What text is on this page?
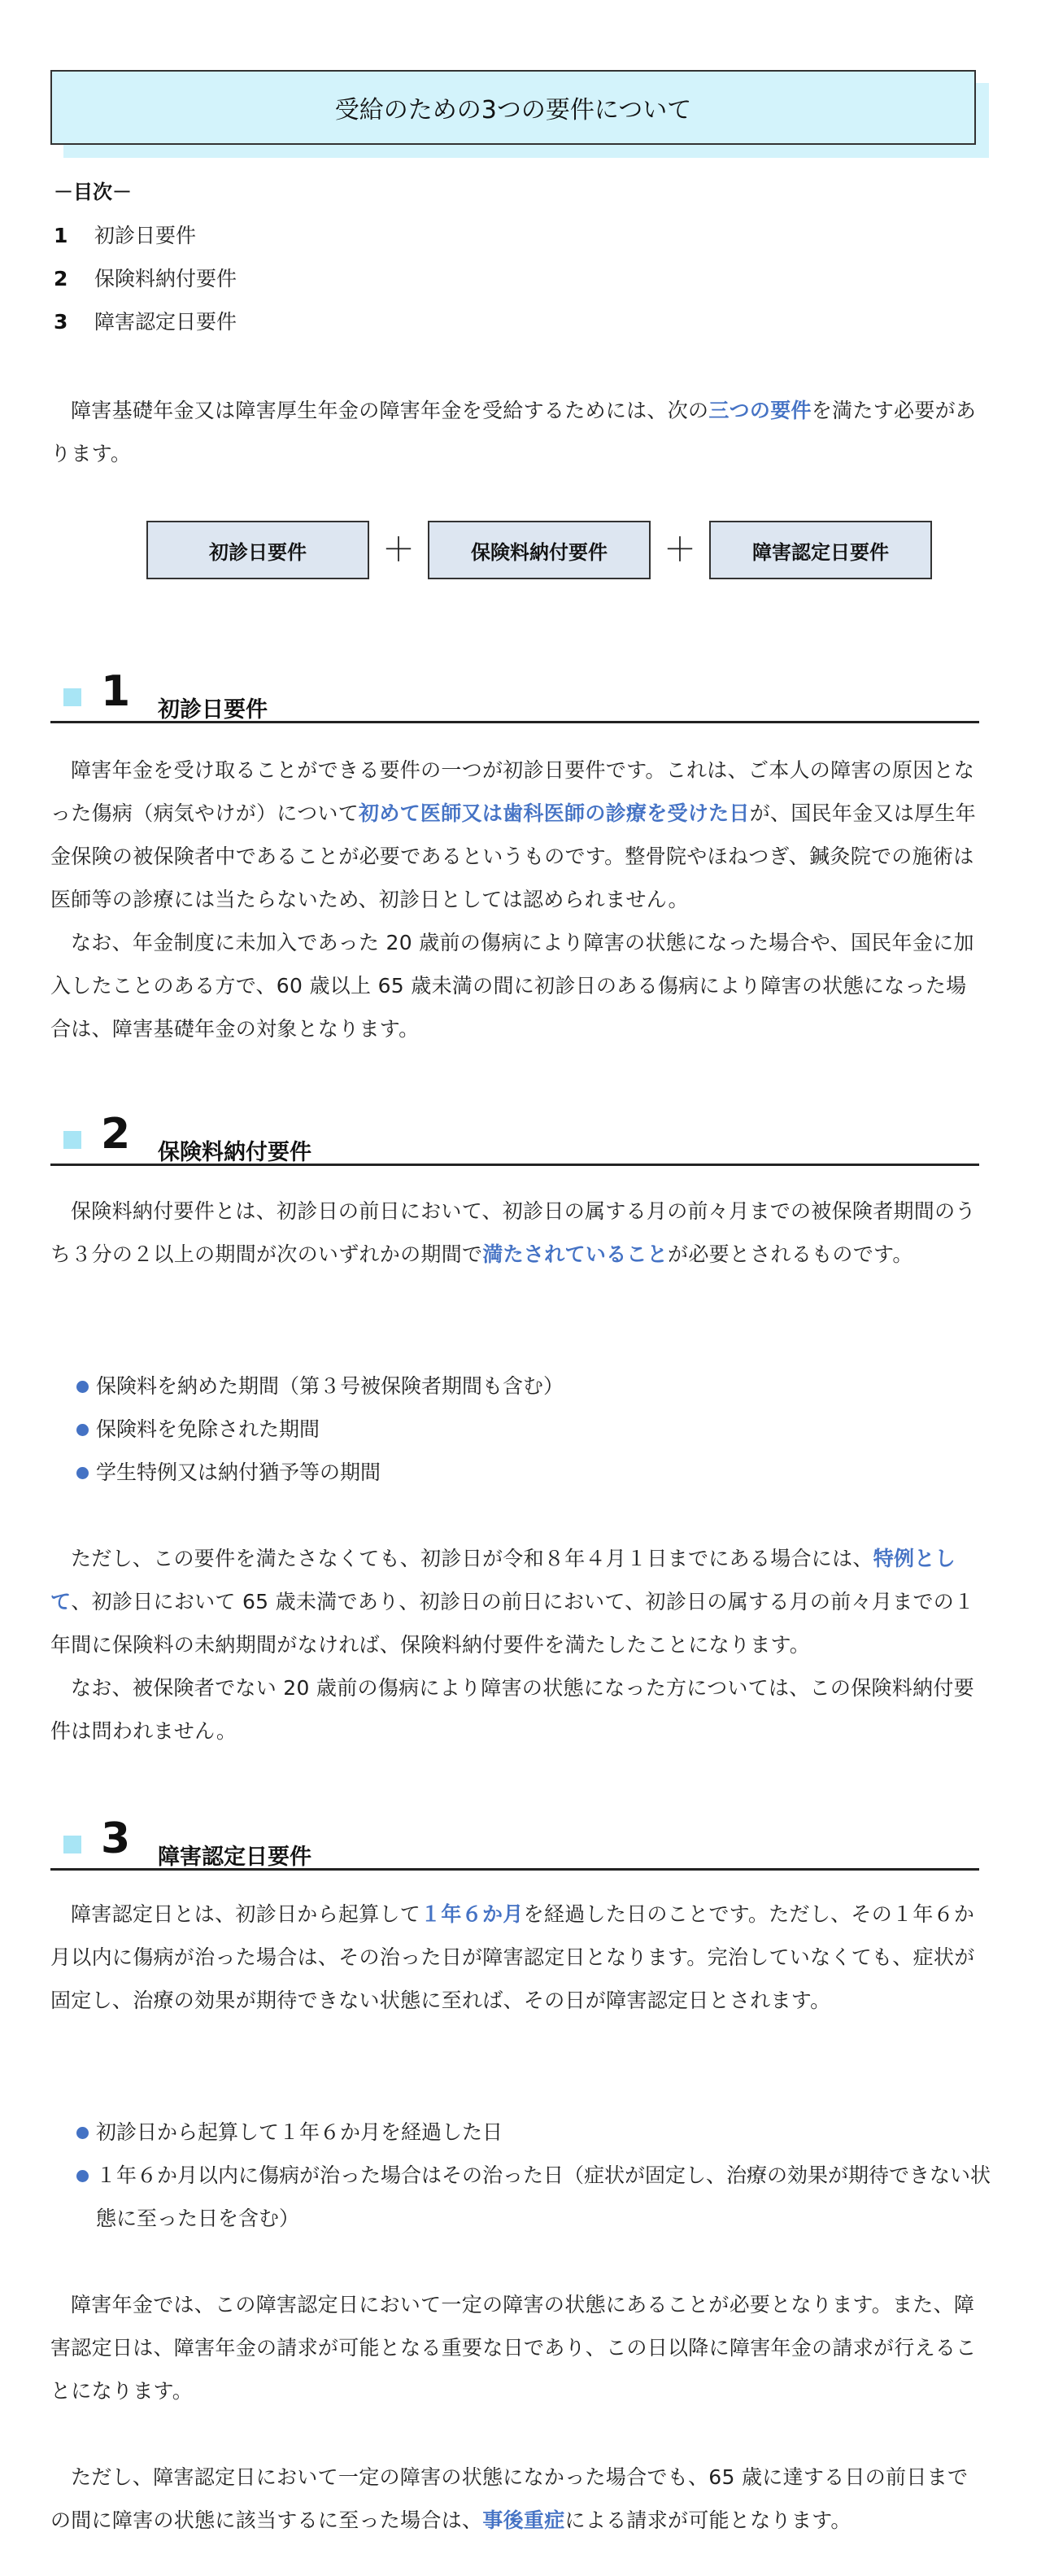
受給のための3つの要件について
－目次－
1 初診日要件
2 保険料納付要件
3 障害認定日要件

障害基礎年金又は障害厚生年金の障害年金を受給するためには、次の三つの要件を満たす必要があります。

初診日要件	＋	保険料納付要件	＋	障害認定日要件
1 初診日要件

障害年金を受け取ることができる要件の一つが初診日要件です。これは、ご本人の障害の原因となった傷病（病気やけが）について初めて医師又は歯科医師の診療を受けた日が、国民年金又は厚生年金保険の被保険者中であることが必要であるというものです。整骨院やほねつぎ、鍼灸院での施術は医師等の診療には当たらないため、初診日としては認められません。

なお、年金制度に未加入であった 20 歳前の傷病により障害の状態になった場合や、国民年金に加入したことのある方で、60 歳以上 65 歳未満の間に初診日のある傷病により障害の状態になった場合は、障害基礎年金の対象となります。

2 保険料納付要件

保険料納付要件とは、初診日の前日において、初診日の属する月の前々月までの被保険者期間のうち３分の２以上の期間が次のいずれかの期間で満たされていることが必要とされるものです。

保険料を納めた期間（第３号被保険者期間も含む）
保険料を免除された期間
学生特例又は納付猶予等の期間

ただし、この要件を満たさなくても、初診日が令和８年４月１日までにある場合には、特例として、初診日において 65 歳未満であり、初診日の前日において、初診日の属する月の前々月までの１年間に保険料の未納期間がなければ、保険料納付要件を満たしたことになります。

なお、被保険者でない 20 歳前の傷病により障害の状態になった方については、この保険料納付要件は問われません。

3 障害認定日要件

障害認定日とは、初診日から起算して１年６か月を経過した日のことです。ただし、その１年６か月以内に傷病が治った場合は、その治った日が障害認定日となります。完治していなくても、症状が固定し、治療の効果が期待できない状態に至れば、その日が障害認定日とされます。

初診日から起算して１年６か月を経過した日
１年６か月以内に傷病が治った場合はその治った日（症状が固定し、治療の効果が期待できない状態に至った日を含む）

障害年金では、この障害認定日において一定の障害の状態にあることが必要となります。また、障害認定日は、障害年金の請求が可能となる重要な日であり、この日以降に障害年金の請求が行えることになります。

ただし、障害認定日において一定の障害の状態になかった場合でも、65 歳に達する日の前日までの間に障害の状態に該当するに至った場合は、事後重症による請求が可能となります。
